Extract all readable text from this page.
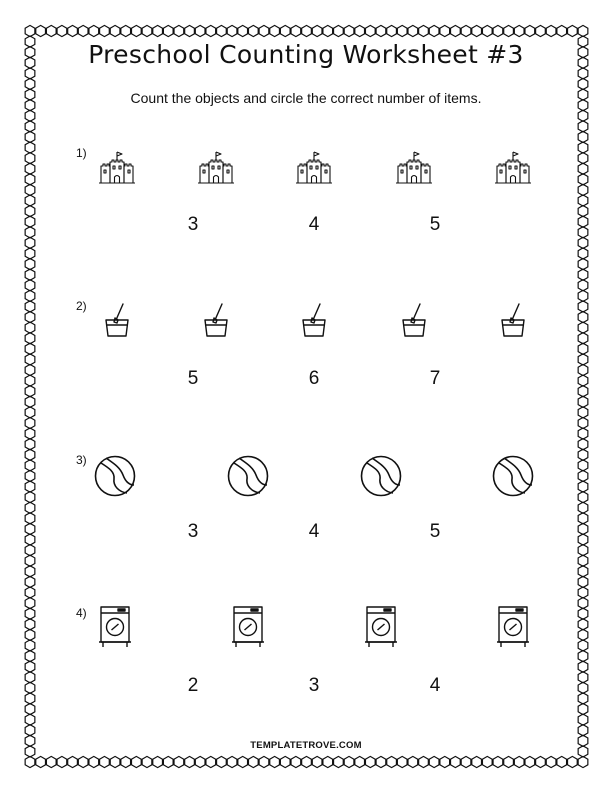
Preschool Counting Worksheet #3
Count the objects and circle the correct number of items.
1)
3	4	5
2)
5	6	7
3)
3	4	5
4)
2	3	4
TEMPLATETROVE.COM
